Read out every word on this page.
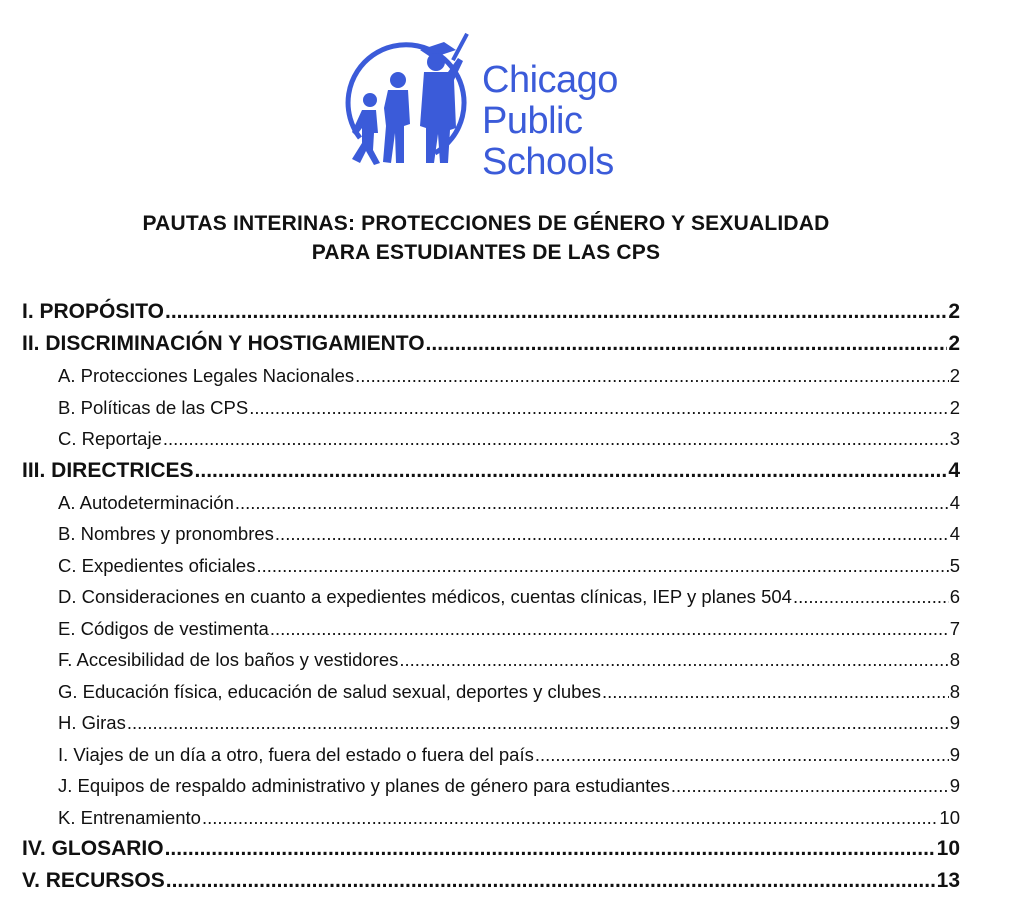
Chicago
Public
Schools
PAUTAS INTERINAS: PROTECCIONES DE GÉNERO Y SEXUALIDAD
PARA ESTUDIANTES DE LAS CPS
I. PROPÓSITO .....	2
II. DISCRIMINACIÓN Y HOSTIGAMIENTO .....	2
A. Protecciones Legales Nacionales .....	2
B. Políticas de las CPS .....	2
C. Reportaje .....	3
III. DIRECTRICES .....	4
A. Autodeterminación .....	4
B. Nombres y pronombres .....	4
C. Expedientes oficiales .....	5
D. Consideraciones en cuanto a expedientes médicos, cuentas clínicas, IEP y planes 504 .....	6
E. Códigos de vestimenta .....	7
F. Accesibilidad de los baños y vestidores .....	8
G. Educación física, educación de salud sexual, deportes y clubes .....	8
H. Giras .....	9
I. Viajes de un día a otro, fuera del estado o fuera del país .....	9
J. Equipos de respaldo administrativo y planes de género para estudiantes .....	9
K. Entrenamiento .....	10
IV. GLOSARIO .....	10
V. RECURSOS .....	13
